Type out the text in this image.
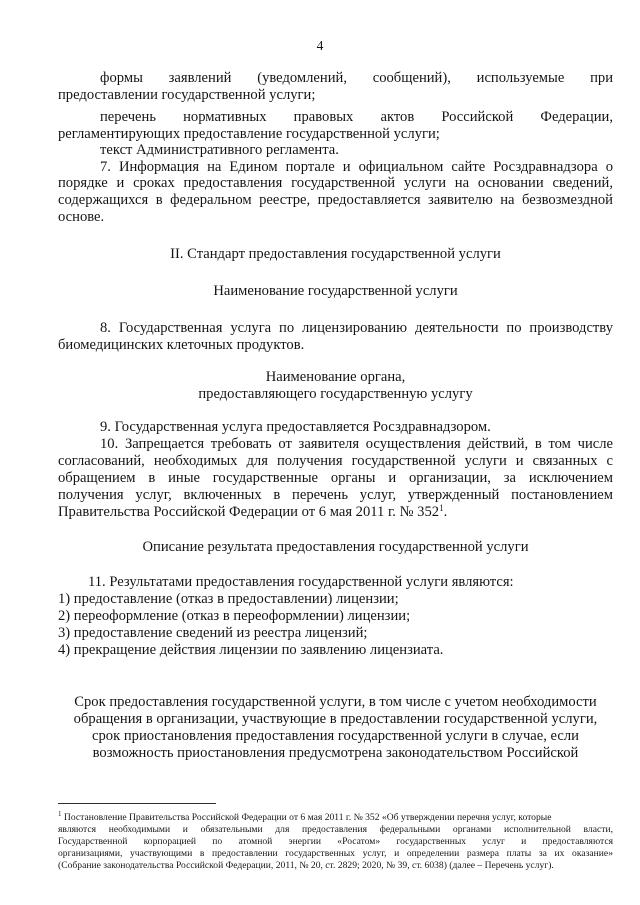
4
формы заявлений (уведомлений, сообщений), используемые при
предоставлении государственной услуги;
перечень нормативных правовых актов Российской Федерации,
регламентирующих предоставление государственной услуги;
текст Административного регламента.
7. Информация на Едином портале и официальном сайте Росздравнадзора о
порядке и сроках предоставления государственной услуги на основании сведений,
содержащихся в федеральном реестре, предоставляется заявителю на безвозмездной
основе.
II. Стандарт предоставления государственной услуги
Наименование государственной услуги
8. Государственная услуга по лицензированию деятельности по производству
биомедицинских клеточных продуктов.
Наименование органа,
предоставляющего государственную услугу
9. Государственная услуга предоставляется Росздравнадзором.
10. Запрещается требовать от заявителя осуществления действий, в том числе
согласований, необходимых для получения государственной услуги и связанных с
обращением в иные государственные органы и организации, за исключением
получения услуг, включенных в перечень услуг, утвержденный постановлением
Правительства Российской Федерации от 6 мая 2011 г. № $352^1$.
Описание результата предоставления государственной услуги
11. Результатами предоставления государственной услуги являются:
1) предоставление (отказ в предоставлении) лицензии;
2) переоформление (отказ в переоформлении) лицензии;
3) предоставление сведений из реестра лицензий;
4) прекращение действия лицензии по заявлению лицензиата.
Срок предоставления государственной услуги, в том числе с учетом необходимости
обращения в организации, участвующие в предоставлении государственной услуги,
срок приостановления предоставления государственной услуги в случае, если
возможность приостановления предусмотрена законодательством Российской
$^1$ Постановление Правительства Российской Федерации от 6 мая 2011 г. № 352 «Об утверждении перечня услуг, которые
являются необходимыми и обязательными для предоставления федеральными органами исполнительной власти,
Государственной корпорацией по атомной энергии «Росатом» государственных услуг и предоставляются
организациями, участвующими в предоставлении государственных услуг, и определении размера платы за их оказание»
(Собрание законодательства Российской Федерации, 2011, № 20, ст. 2829; 2020, № 39, ст. 6038) (далее – Перечень услуг).
